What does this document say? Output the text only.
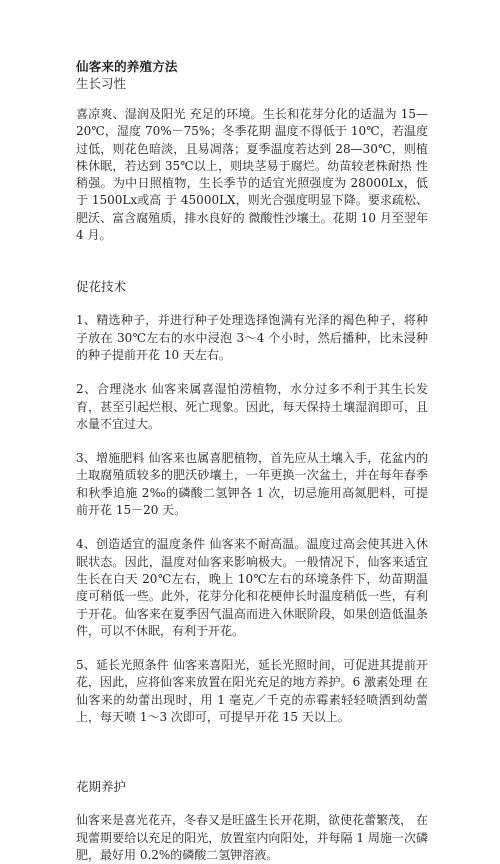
仙客来的养殖方法

生长习性

喜凉爽、湿润及阳光 充足的环境。生长和花芽分化的适温为 15—20℃，湿度 70%－75%；冬季花期 温度不得低于 10℃，若温度过低，则花色暗淡，且易凋落；夏季温度若达到 28—30℃，则植株休眠，若达到 35℃以上，则块茎易于腐烂。幼苗较老株耐热 性稍强。为中日照植物，生长季节的适宜光照强度为 28000Lx，低于 1500Lx或高 于 45000LX，则光合强度明显下降。要求疏松、肥沃、富含腐殖质，排水良好的 微酸性沙壤土。花期 10 月至翌年 4 月。

促花技术

1、精选种子，并进行种子处理选择饱满有光泽的褐色种子，将种子放在 30℃左右的水中浸泡 3～4 个小时，然后播种，比未浸种的种子提前开花 10 天左右。

2、合理浇水 仙客来属喜湿怕涝植物，水分过多不利于其生长发育，甚至引起烂根、死亡现象。因此，每天保持土壤湿润即可，且水量不宜过大。

3、增施肥料 仙客来也属喜肥植物，首先应从土壤入手，花盆内的土取腐殖质较多的肥沃砂壤土，一年更换一次盆土，并在每年春季和秋季追施 2‰的磷酸二氢钾各 1 次，切忌施用高氮肥料，可提前开花 15－20 天。

4、创造适宜的温度条件 仙客来不耐高温。温度过高会使其进入休眠状态。因此，温度对仙客来影响极大。一般情况下，仙客来适宜生长在白天 20℃左右，晚上 10℃左右的环境条件下，幼苗期温度可稍低一些。此外，花芽分化和花梗伸长时温度稍低一些，有利于开花。仙客来在夏季因气温高而进入休眠阶段，如果创造低温条件，可以不休眠，有利于开花。

5、延长光照条件 仙客来喜阳光，延长光照时间，可促进其提前开花，因此，应将仙客来放置在阳光充足的地方养护。6 激素处理 在仙客来的幼蕾出现时，用 1 毫克／千克的赤霉素轻轻喷洒到幼蕾上，每天喷 1～3 次即可，可提早开花 15 天以上。

花期养护

仙客来是喜光花卉，冬春又是旺盛生长开花期，欲使花蕾繁茂， 在现蕾期要给以充足的阳光，放置室内向阳处，并每隔 1 周施一次磷 肥，最好用 0.2%的磷酸二氢钾溶液。
